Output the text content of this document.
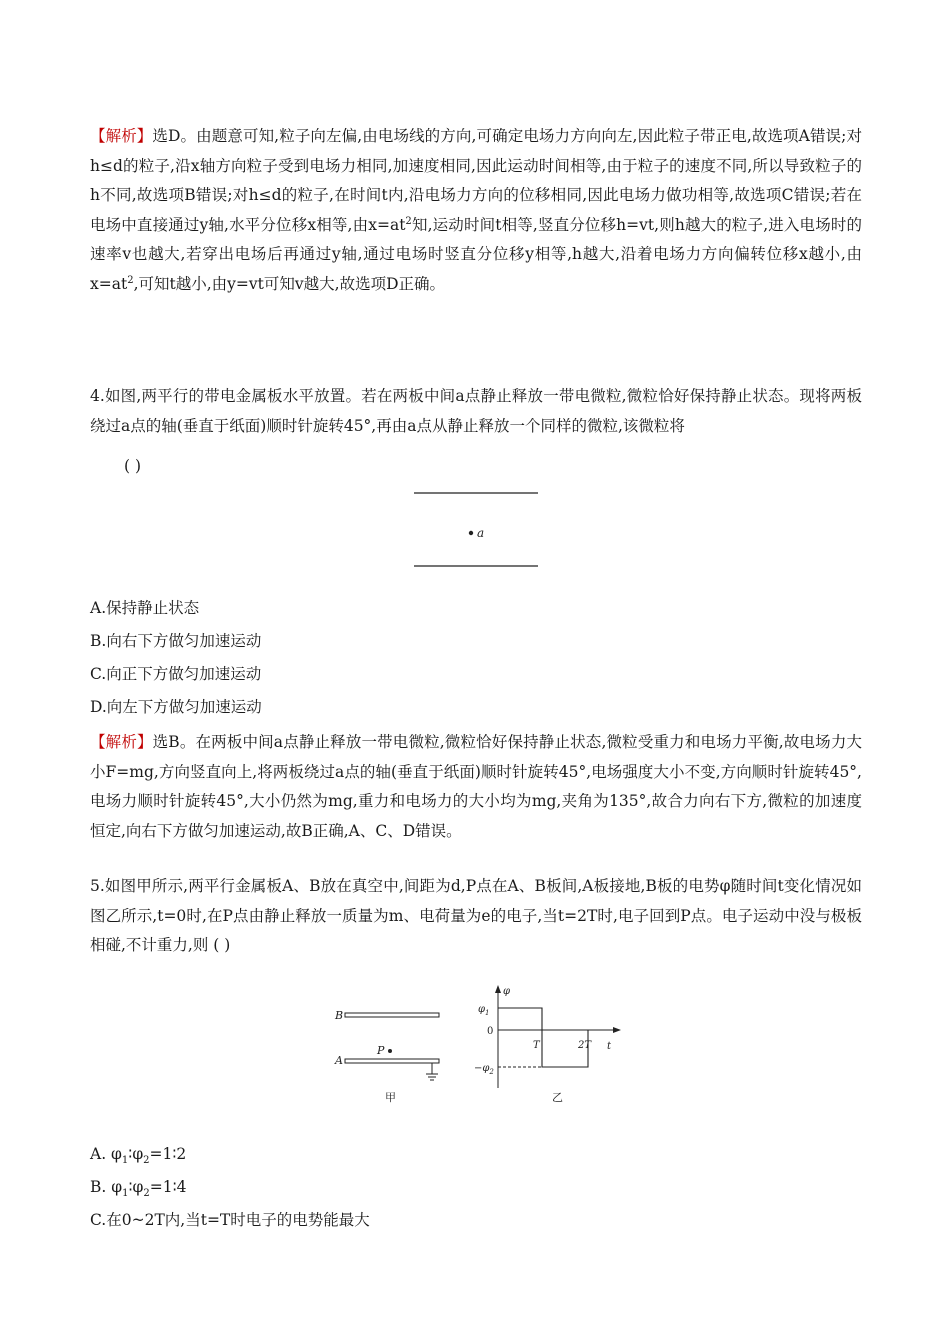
【解析】选D。由题意可知,粒子向左偏,由电场线的方向,可确定电场力方向向左,因此粒子带正电,故选项A错误;对h≤d的粒子,沿x轴方向粒子受到电场力相同,加速度相同,因此运动时间相等,由于粒子的速度不同,所以导致粒子的h不同,故选项B错误;对h≤d的粒子,在时间t内,沿电场力方向的位移相同,因此电场力做功相等,故选项C错误;若在电场中直接通过y轴,水平分位移x相等,由$x=at^2$知,运动时间t相等,竖直分位移h=vt,则h越大的粒子,进入电场时的速率v也越大,若穿出电场后再通过y轴,通过电场时竖直分位移y相等,h越大,沿着电场力方向偏转位移x越小,由$x=at^2$,可知t越小,由y=vt可知v越大,故选项D正确。
4.如图,两平行的带电金属板水平放置。若在两板中间a点静止释放一带电微粒,微粒恰好保持静止状态。现将两板绕过a点的轴(垂直于纸面)顺时针旋转45°,再由a点从静止释放一个同样的微粒,该微粒将
( )
a
A.保持静止状态
B.向右下方做匀加速运动
C.向正下方做匀加速运动
D.向左下方做匀加速运动
【解析】选B。在两板中间a点静止释放一带电微粒,微粒恰好保持静止状态,微粒受重力和电场力平衡,故电场力大小F=mg,方向竖直向上,将两板绕过a点的轴(垂直于纸面)顺时针旋转45°,电场强度大小不变,方向顺时针旋转45°,电场力顺时针旋转45°,大小仍然为mg,重力和电场力的大小均为mg,夹角为135°,故合力向右下方,微粒的加速度恒定,向右下方做匀加速运动,故B正确,A、C、D错误。
5.如图甲所示,两平行金属板A、B放在真空中,间距为d,P点在A、B板间,A板接地,B板的电势φ随时间t变化情况如图乙所示,t=0时,在P点由静止释放一质量为m、电荷量为e的电子,当t=2T时,电子回到P点。电子运动中没与极板相碰,不计重力,则 ( )
B
P
A
甲
φ
t
$\varphi_1$
0
$-\varphi_2$
T	2T
乙
A. $\varphi_1∶\varphi_2=1∶2$
B. $\varphi_1∶\varphi_2=1∶4$
C.在0~2T内,当t=T时电子的电势能最大
